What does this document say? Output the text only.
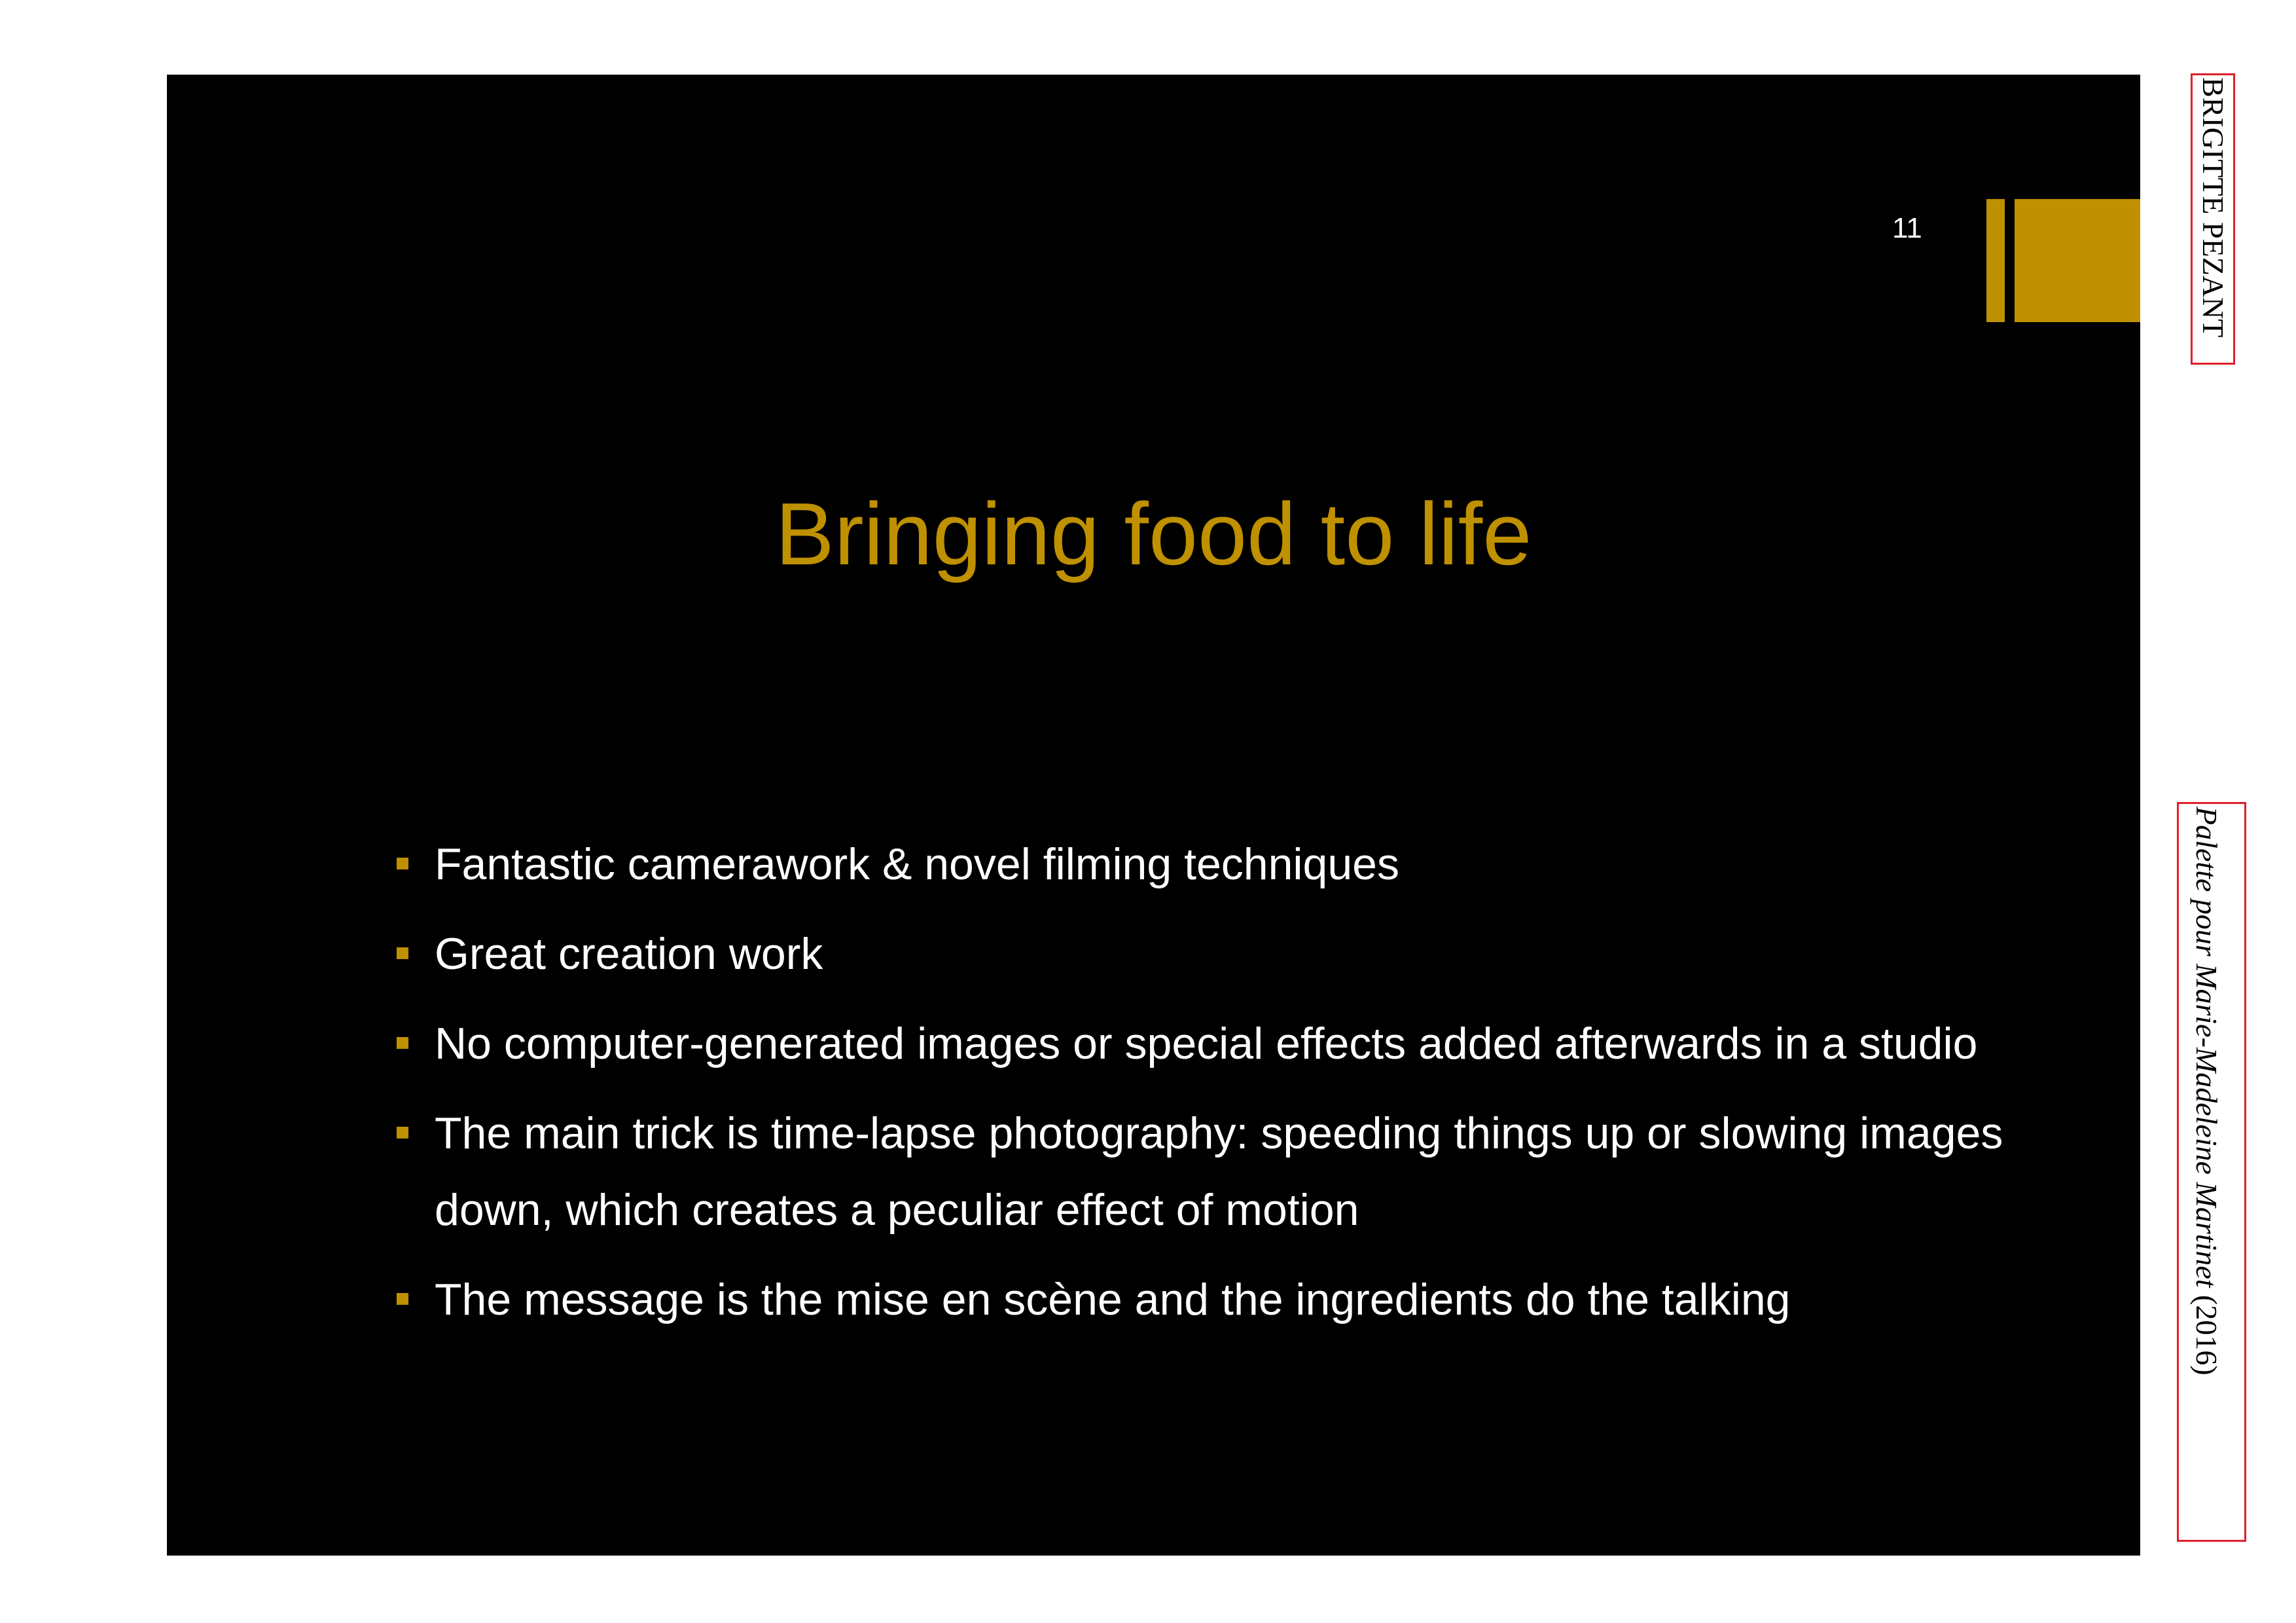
11
Bringing food to life
Fantastic camerawork & novel filming techniques
Great creation work
No computer-generated images or special effects added afterwards in a studio
The main trick is time-lapse photography: speeding things up or slowing images down, which creates a peculiar effect of motion
The message is the mise en scène and the ingredients do the talking
BRIGITTE PEZANT
Palette pour Marie-Madeleine Martinet (2016)
